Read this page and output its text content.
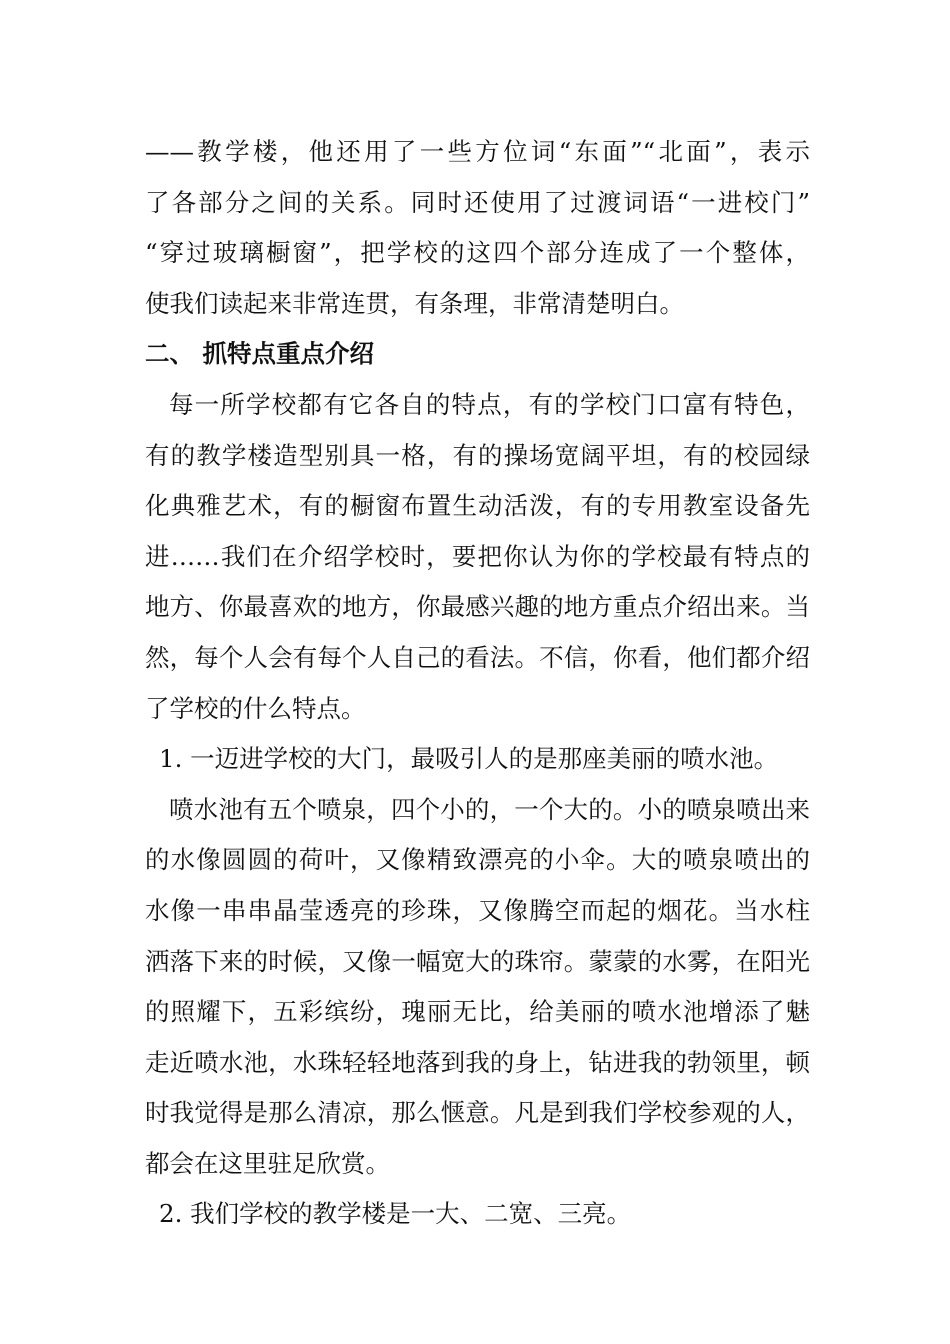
——教学楼，他还用了一些方位词“东面”“北面”，表示
了各部分之间的关系。同时还使用了过渡词语“一进校门”
“穿过玻璃橱窗”，把学校的这四个部分连成了一个整体，
使我们读起来非常连贯，有条理，非常清楚明白。
二、 抓特点重点介绍
每一所学校都有它各自的特点，有的学校门口富有特色，
有的教学楼造型别具一格，有的操场宽阔平坦，有的校园绿
化典雅艺术，有的橱窗布置生动活泼，有的专用教室设备先
进……我们在介绍学校时，要把你认为你的学校最有特点的
地方、你最喜欢的地方，你最感兴趣的地方重点介绍出来。当
然，每个人会有每个人自己的看法。不信，你看，他们都介绍
了学校的什么特点。
1. 一迈进学校的大门，最吸引人的是那座美丽的喷水池。
喷水池有五个喷泉，四个小的，一个大的。小的喷泉喷出来
的水像圆圆的荷叶，又像精致漂亮的小伞。大的喷泉喷出的
水像一串串晶莹透亮的珍珠，又像腾空而起的烟花。当水柱
洒落下来的时候，又像一幅宽大的珠帘。蒙蒙的水雾，在阳光
的照耀下，五彩缤纷，瑰丽无比，给美丽的喷水池增添了魅
走近喷水池，水珠轻轻地落到我的身上，钻进我的勃领里，顿
时我觉得是那么清凉，那么惬意。凡是到我们学校参观的人，
都会在这里驻足欣赏。
2. 我们学校的教学楼是一大、二宽、三亮。
